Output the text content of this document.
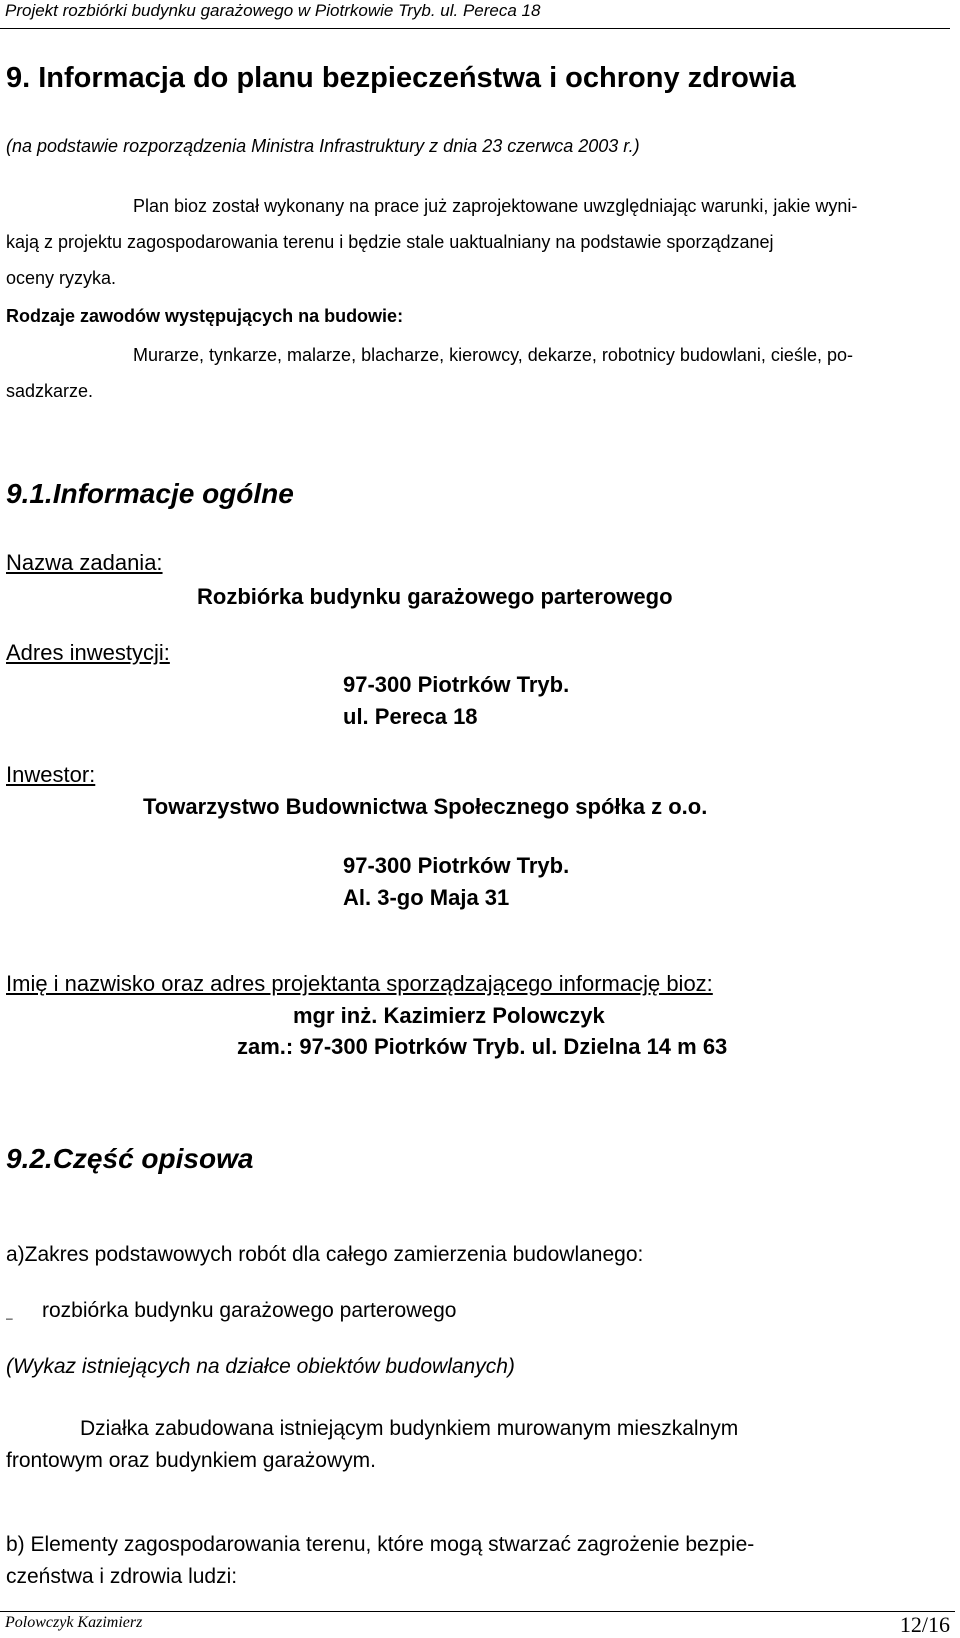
Projekt rozbiórki budynku garażowego w Piotrkowie Tryb. ul. Pereca 18
9. Informacja do planu bezpieczeństwa i ochrony zdrowia
(na podstawie rozporządzenia Ministra Infrastruktury z dnia 23 czerwca 2003 r.)
Plan bioz został wykonany na prace już zaprojektowane uwzględniając warunki, jakie wyni-
kają z projektu zagospodarowania terenu i będzie stale uaktualniany na podstawie sporządzanej
oceny ryzyka.
Rodzaje zawodów występujących na budowie:
Murarze, tynkarze, malarze, blacharze, kierowcy, dekarze, robotnicy budowlani, cieśle, po-
sadzkarze.
9.1.Informacje ogólne
Nazwa zadania:
Rozbiórka budynku garażowego parterowego
Adres inwestycji:
97-300 Piotrków Tryb.
ul. Pereca 18
Inwestor:
Towarzystwo Budownictwa Społecznego spółka z o.o.
97-300 Piotrków Tryb.
Al. 3-go Maja 31
Imię i nazwisko oraz adres projektanta sporządzającego informację bioz:
mgr inż. Kazimierz Polowczyk
zam.: 97-300 Piotrków Tryb. ul. Dzielna 14 m 63
9.2.Część opisowa
a)Zakres podstawowych robót dla całego zamierzenia budowlanego:
– rozbiórka budynku garażowego parterowego
(Wykaz istniejących na działce obiektów budowlanych)
Działka zabudowana istniejącym budynkiem murowanym mieszkalnym
frontowym oraz budynkiem garażowym.
b) Elementy zagospodarowania terenu, które mogą stwarzać zagrożenie bezpie-
czeństwa i zdrowia ludzi:
Polowczyk Kazimierz	12/16
